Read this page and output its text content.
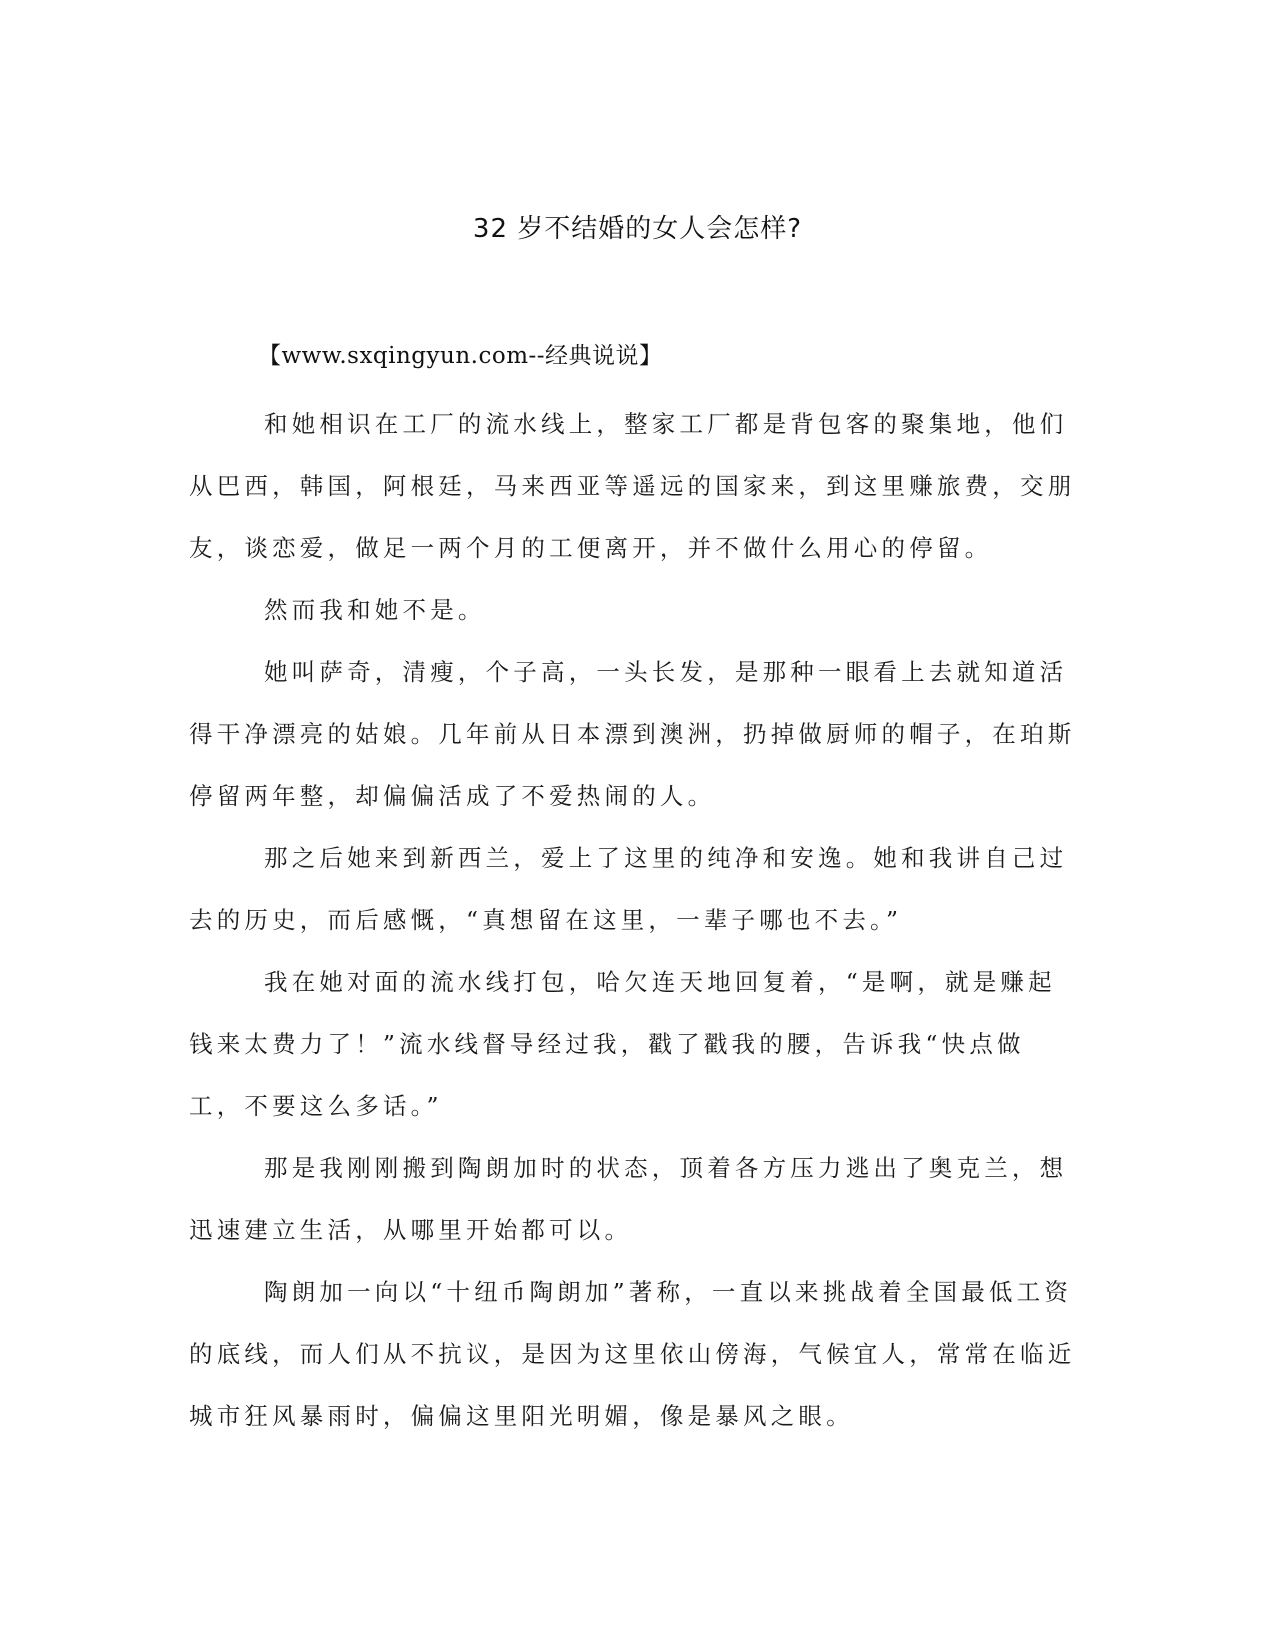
32 岁不结婚的女人会怎样?
【www.sxqingyun.com--经典说说】

和她相识在工厂的流水线上，整家工厂都是背包客的聚集地，他们从巴西，韩国，阿根廷，马来西亚等遥远的国家来，到这里赚旅费，交朋友，谈恋爱，做足一两个月的工便离开，并不做什么用心的停留。

然而我和她不是。

她叫萨奇，清瘦，个子高，一头长发，是那种一眼看上去就知道活得干净漂亮的姑娘。几年前从日本漂到澳洲，扔掉做厨师的帽子，在珀斯停留两年整，却偏偏活成了不爱热闹的人。

那之后她来到新西兰，爱上了这里的纯净和安逸。她和我讲自己过去的历史，而后感慨，“真想留在这里，一辈子哪也不去。”

我在她对面的流水线打包，哈欠连天地回复着，“是啊，就是赚起钱来太费力了！”流水线督导经过我，戳了戳我的腰，告诉我“快点做工，不要这么多话。”

那是我刚刚搬到陶朗加时的状态，顶着各方压力逃出了奥克兰，想迅速建立生活，从哪里开始都可以。

陶朗加一向以“十纽币陶朗加”著称，一直以来挑战着全国最低工资的底线，而人们从不抗议，是因为这里依山傍海，气候宜人，常常在临近城市狂风暴雨时，偏偏这里阳光明媚，像是暴风之眼。
